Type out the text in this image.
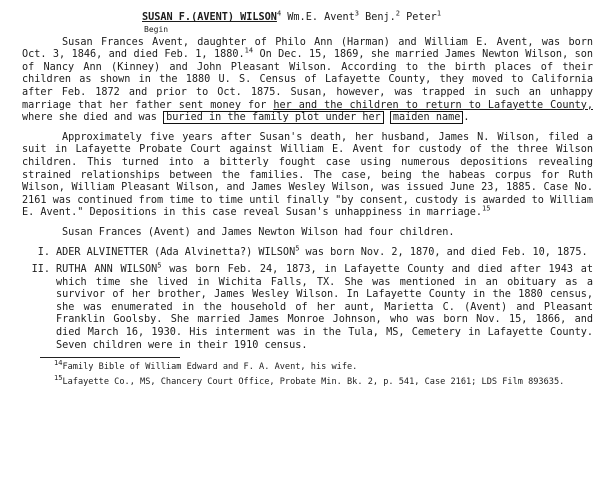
SUSAN F.(AVENT) WILSON$^4$ Wm.E. Avent$^3$ Benj.$^2$ Peter$^1$
Begin

Susan Frances Avent, daughter of Philo Ann (Harman) and William E. Avent, was born Oct. 3, 1846, and died Feb. 1, 1880.14 On Dec. 15, 1869, she married James Newton Wilson, son of Nancy Ann (Kinney) and John Pleasant Wilson. According to the birth places of their children as shown in the 1880 U. S. Census of Lafayette County, they moved to California after Feb. 1872 and prior to Oct. 1875. Susan, however, was trapped in such an unhappy marriage that her father sent money for her and the children to return to Lafayette County, where she died and was buried in the family plot under her maiden name .

Approximately five years after Susan's death, her husband, James N. Wilson, filed a suit in Lafayette Probate Court against William E. Avent for custody of the three Wilson children. This turned into a bitterly fought case using numerous depositions revealing strained relationships between the families. The case, being the habeas corpus for Ruth Wilson, William Pleasant Wilson, and James Wesley Wilson, was issued June 23, 1885. Case No. 2161 was continued from time to time until finally "by consent, custody is awarded to William E. Avent." Depositions in this case reveal Susan's unhappiness in marriage.$^{15}$

Susan Frances (Avent) and James Newton Wilson had four children.

I. ADER ALVINETTER (Ada Alvinetta?) WILSON$^5$ was born Nov. 2, 1870, and died Feb. 10, 1875.
II. RUTHA ANN WILSON$^5$ was born Feb. 24, 1873, in Lafayette County and died after 1943 at which time she lived in Wichita Falls, TX. She was mentioned in an obituary as a survivor of her brother, James Wesley Wilson. In Lafayette County in the 1880 census, she was enumerated in the household of her aunt, Marietta C. (Avent) and Pleasant Franklin Goolsby. She married James Monroe Johnson, who was born Nov. 15, 1866, and died March 16, 1930. His interment was in the Tula, MS, Cemetery in Lafayette County. Seven children were in their 1910 census.
$^{14}$Family Bible of William Edward and F. A. Avent, his wife.
$^{15}$Lafayette Co., MS, Chancery Court Office, Probate Min. Bk. 2, p. 541, Case 2161; LDS Film 893635.
